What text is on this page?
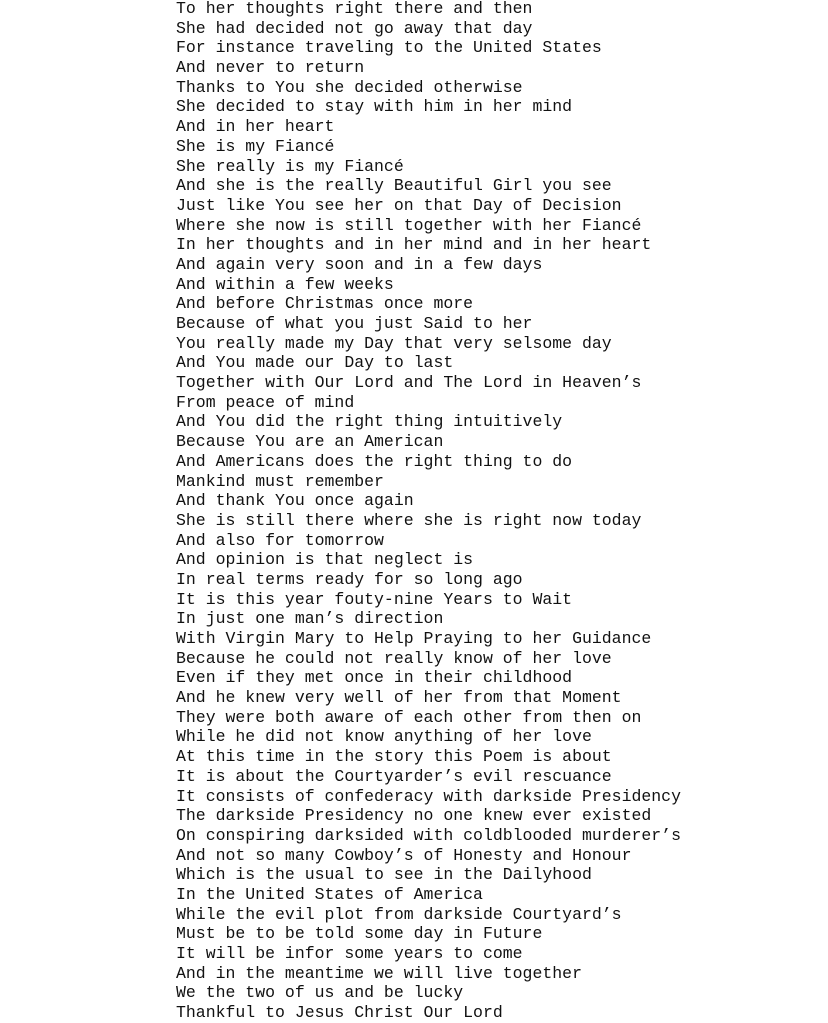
To her thoughts right there and then
She had decided not go away that day
For instance traveling to the United States
And never to return
Thanks to You she decided otherwise
She decided to stay with him in her mind
And in her heart
She is my Fiancé
She really is my Fiancé
And she is the really Beautiful Girl you see
Just like You see her on that Day of Decision
Where she now is still together with her Fiancé
In her thoughts and in her mind and in her heart
And again very soon and in a few days
And within a few weeks
And before Christmas once more
Because of what you just Said to her
You really made my Day that very selsome day
And You made our Day to last
Together with Our Lord and The Lord in Heaven’s
From peace of mind
And You did the right thing intuitively
Because You are an American
And Americans does the right thing to do
Mankind must remember
And thank You once again
She is still there where she is right now today
And also for tomorrow
And opinion is that neglect is
In real terms ready for so long ago
It is this year fouty-nine Years to Wait
In just one man’s direction
With Virgin Mary to Help Praying to her Guidance
Because he could not really know of her love
Even if they met once in their childhood
And he knew very well of her from that Moment
They were both aware of each other from then on
While he did not know anything of her love
At this time in the story this Poem is about
It is about the Courtyarder’s evil rescuance
It consists of confederacy with darkside Presidency
The darkside Presidency no one knew ever existed
On conspiring darksided with coldblooded murderer’s
And not so many Cowboy’s of Honesty and Honour
Which is the usual to see in the Dailyhood
In the United States of America
While the evil plot from darkside Courtyard’s
Must be to be told some day in Future
It will be infor some years to come
And in the meantime we will live together
We the two of us and be lucky
Thankful to Jesus Christ Our Lord
